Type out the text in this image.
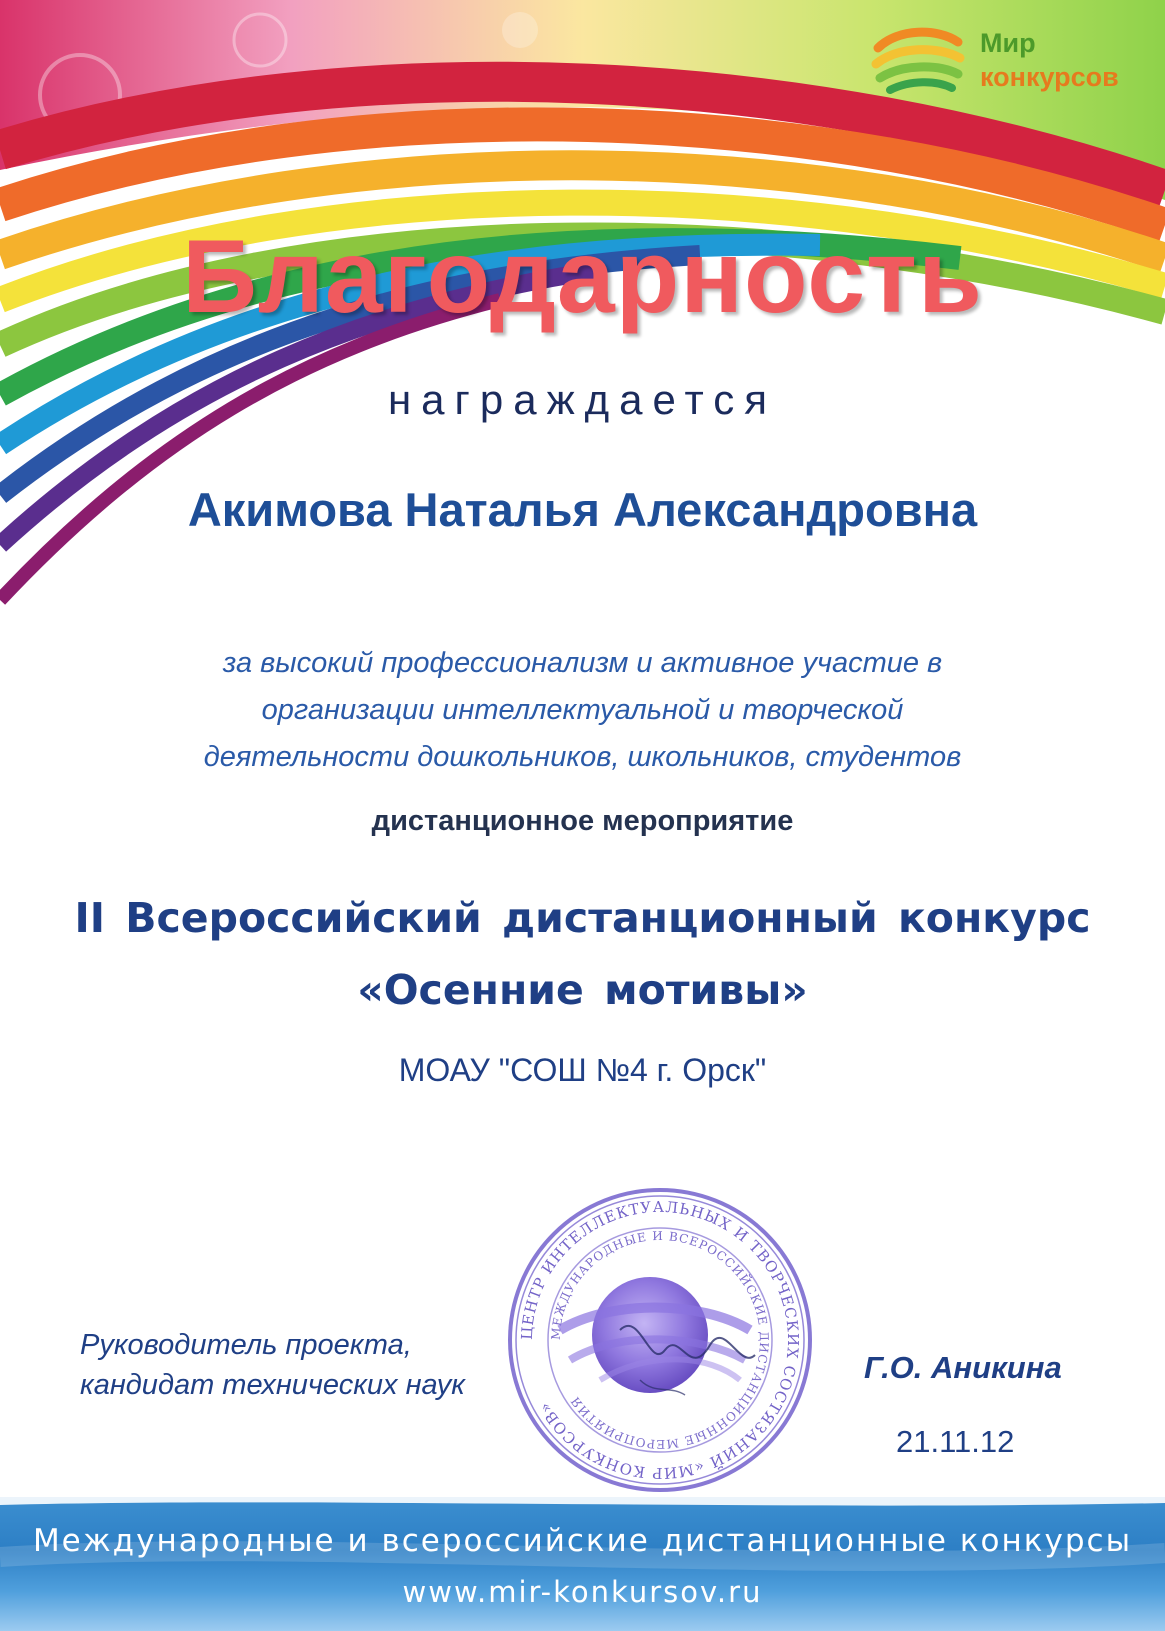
Мир
конкурсов
Благодарность
награждается
Акимова Наталья Александровна
за высокий профессионализм и активное участие в
организации интеллектуальной и творческой
деятельности дошкольников, школьников, студентов
дистанционное мероприятие
II Всероссийский дистанционный конкурс
«Осенние мотивы»
МОАУ "СОШ №4 г. Орск"
ЦЕНТР ИНТЕЛЛЕКТУАЛЬНЫХ И ТВОРЧЕСКИХ СОСТЯЗАНИЙ «МИР КОНКУРСОВ»
МЕЖДУНАРОДНЫЕ И ВСЕРОССИЙСКИЕ ДИСТАНЦИОННЫЕ МЕРОПРИЯТИЯ
Руководитель проекта,
кандидат технических наук	Г.О. Аникина
21.11.12
Международные и всероссийские дистанционные конкурсы
www.mir-konkursov.ru
